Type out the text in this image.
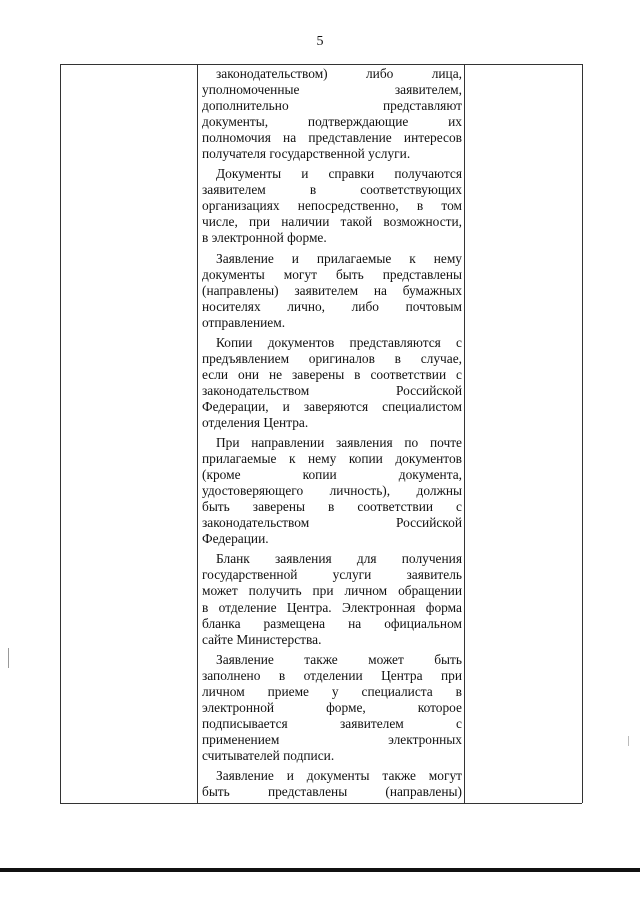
5
законодательством) либо лица,
уполномоченные заявителем,
дополнительно представляют
документы, подтверждающие их
полномочия на представление интересов
получателя государственной услуги.
Документы и справки получаются
заявителем в соответствующих
организациях непосредственно, в том
числе, при наличии такой возможности,
в электронной форме.
Заявление и прилагаемые к нему
документы могут быть представлены
(направлены) заявителем на бумажных
носителях лично, либо почтовым
отправлением.
Копии документов представляются с
предъявлением оригиналов в случае,
если они не заверены в соответствии с
законодательством Российской
Федерации, и заверяются специалистом
отделения Центра.
При направлении заявления по почте
прилагаемые к нему копии документов
(кроме копии документа,
удостоверяющего личность), должны
быть заверены в соответствии с
законодательством Российской
Федерации.
Бланк заявления для получения
государственной услуги заявитель
может получить при личном обращении
в отделение Центра. Электронная форма
бланка размещена на официальном
сайте Министерства.
Заявление также может быть
заполнено в отделении Центра при
личном приеме у специалиста в
электронной форме, которое
подписывается заявителем с
применением электронных
считывателей подписи.
Заявление и документы также могут
быть представлены (направлены)
